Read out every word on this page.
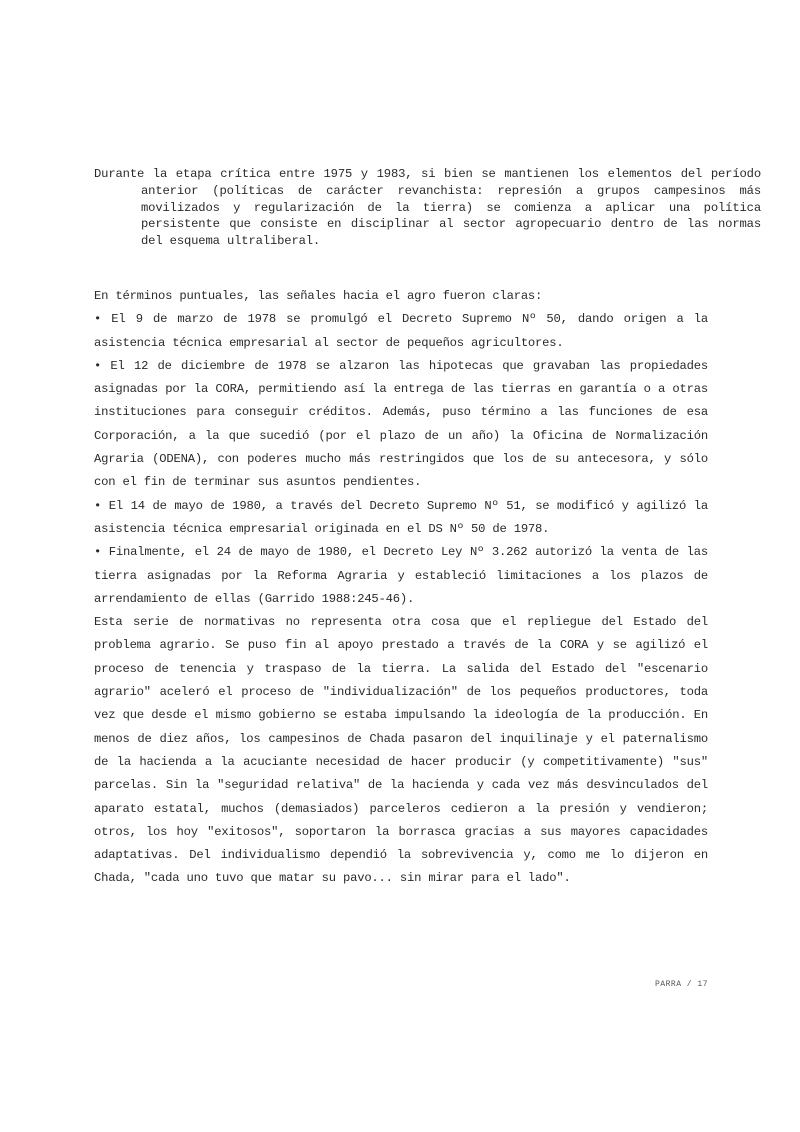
Durante la etapa crítica entre 1975 y 1983, si bien se mantienen los elementos del período anterior (políticas de carácter revanchista: represión a grupos campesinos más movilizados y regularización de la tierra) se comienza a aplicar una política persistente que consiste en disciplinar al sector agropecuario dentro de las normas del esquema ultraliberal.

En términos puntuales, las señales hacia el agro fueron claras:

• El 9 de marzo de 1978 se promulgó el Decreto Supremo Nº 50, dando origen a la asistencia técnica empresarial al sector de pequeños agricultores.

• El 12 de diciembre de 1978 se alzaron las hipotecas que gravaban las propiedades asignadas por la CORA, permitiendo así la entrega de las tierras en garantía o a otras instituciones para conseguir créditos. Además, puso término a las funciones de esa Corporación, a la que sucedió (por el plazo de un año) la Oficina de Normalización Agraria (ODENA), con poderes mucho más restringidos que los de su antecesora, y sólo con el fin de terminar sus asuntos pendientes.

• El 14 de mayo de 1980, a través del Decreto Supremo Nº 51, se modificó y agilizó la asistencia técnica empresarial originada en el DS Nº 50 de 1978.

• Finalmente, el 24 de mayo de 1980, el Decreto Ley Nº 3.262 autorizó la venta de las tierra asignadas por la Reforma Agraria y estableció limitaciones a los plazos de arrendamiento de ellas (Garrido 1988:245-46).

Esta serie de normativas no representa otra cosa que el repliegue del Estado del problema agrario. Se puso fin al apoyo prestado a través de la CORA y se agilizó el proceso de tenencia y traspaso de la tierra. La salida del Estado del "escenario agrario" aceleró el proceso de "individualización" de los pequeños productores, toda vez que desde el mismo gobierno se estaba impulsando la ideología de la producción. En menos de diez años, los campesinos de Chada pasaron del inquilinaje y el paternalismo de la hacienda a la acuciante necesidad de hacer producir (y competitivamente) "sus" parcelas. Sin la "seguridad relativa" de la hacienda y cada vez más desvinculados del aparato estatal, muchos (demasiados) parceleros cedieron a la presión y vendieron; otros, los hoy "exitosos", soportaron la borrasca gracias a sus mayores capacidades adaptativas. Del individualismo dependió la sobrevivencia y, como me lo dijeron en Chada, "cada uno tuvo que matar su pavo... sin mirar para el lado".

PARRA / 17
